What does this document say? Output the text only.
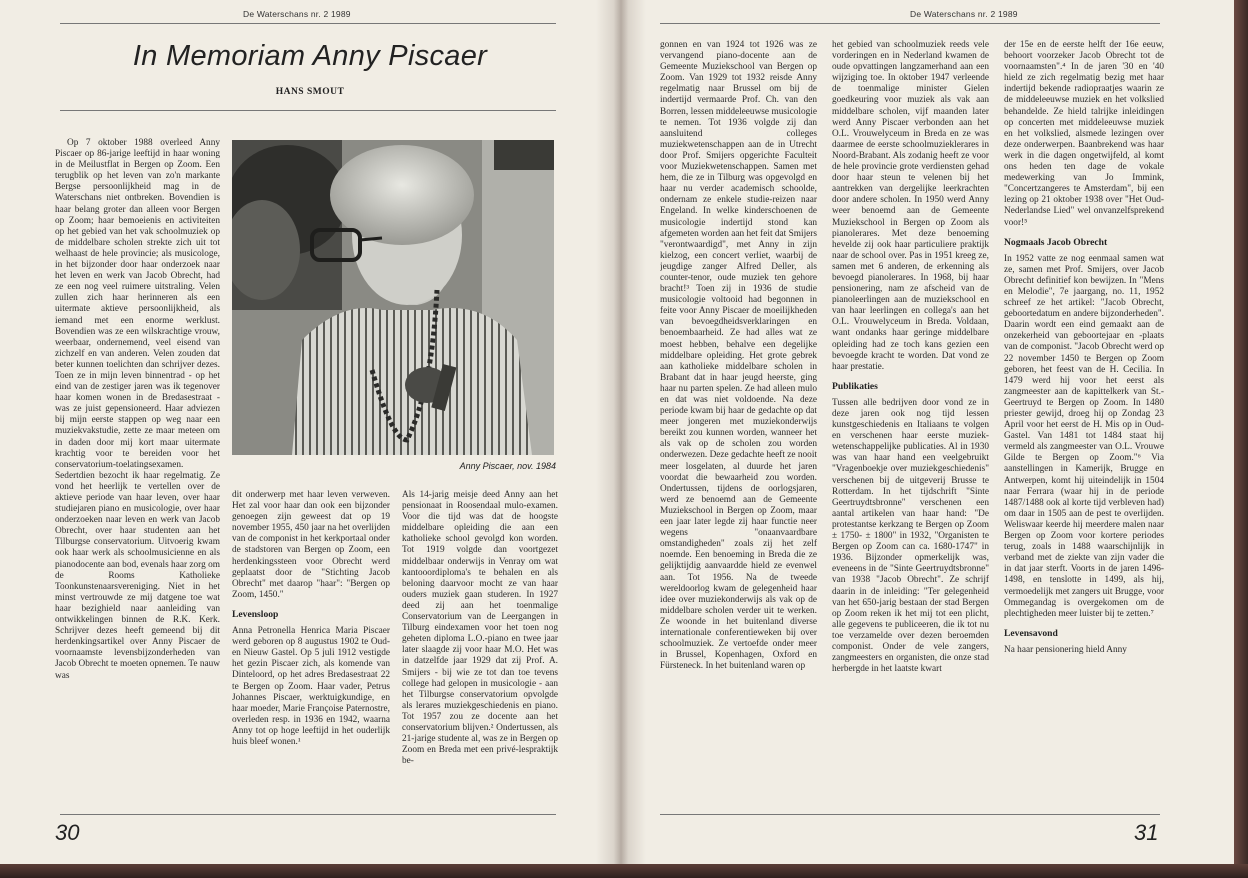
De Waterschans nr. 2 1989
In Memoriam Anny Piscaer
HANS SMOUT

Op 7 oktober 1988 overleed Anny Piscaer op 86-jarige leeftijd in haar woning in de Meilustflat in Bergen op Zoom. Een terugblik op het leven van zo'n markante Bergse persoonlijkheid mag in de Waterschans niet ontbreken. Bovendien is haar belang groter dan alleen voor Bergen op Zoom; haar bemoeienis en activiteiten op het gebied van het vak schoolmuziek op de middelbare scholen strekte zich uit tot welhaast de hele provincie; als musicologe, in het bijzonder door haar onderzoek naar het leven en werk van Jacob Obrecht, had ze een nog veel ruimere uitstraling. Velen zullen zich haar herinneren als een uitermate aktieve persoonlijkheid, als iemand met een enorme werklust. Bovendien was ze een wilskrachtige vrouw, weerbaar, ondernemend, veel eisend van zichzelf en van anderen. Velen zouden dat beter kunnen toelichten dan schrijver dezes. Toen ze in mijn leven binnentrad - op het eind van de zestiger jaren was ik tegenover haar komen wonen in de Bredasestraat - was ze juist gepensioneerd. Haar adviezen bij mijn eerste stappen op weg naar een muziekvakstudie, zette ze maar meteen om in daden door mij kort maar uitermate krachtig voor te bereiden voor het conservatorium-toelatingsexamen. Sedertdien bezocht ik haar regelmatig. Ze vond het heerlijk te vertellen over de aktieve periode van haar leven, over haar studiejaren piano en musicologie, over haar onderzoeken naar leven en werk van Jacob Obrecht, over haar studenten aan het Tilburgse conservatorium. Uitvoerig kwam ook haar werk als schoolmusicienne en als pianodocente aan bod, evenals haar zorg om de Rooms Katholieke Toonkunstenaarsvereniging. Niet in het minst vertrouwde ze mij datgene toe wat haar bezighield naar aanleiding van ontwikkelingen binnen de R.K. Kerk. Schrijver dezes heeft gemeend bij dit herdenkingsartikel over Anny Piscaer de voornaamste levensbijzonderheden van Jacob Obrecht te moeten opnemen. Te nauw was

Anny Piscaer, nov. 1984

dit onderwerp met haar leven verweven. Het zal voor haar dan ook een bijzonder genoegen zijn geweest dat op 19 november 1955, 450 jaar na het overlijden van de componist in het kerkportaal onder de stadstoren van Bergen op Zoom, een herdenkingssteen voor Obrecht werd geplaatst door de "Stichting Jacob Obrecht" met daarop "haar": "Bergen op Zoom, 1450."

Levensloop

Anna Petronella Henrica Maria Piscaer werd geboren op 8 augustus 1902 te Oud- en Nieuw Gastel. Op 5 juli 1912 vestigde het gezin Piscaer zich, als komende van Dinteloord, op het adres Bredasestraat 22 te Bergen op Zoom. Haar vader, Petrus Johannes Piscaer, werktuigkundige, en haar moeder, Marie Françoise Paternostre, overleden resp. in 1936 en 1942, waarna Anny tot op hoge leeftijd in het ouderlijk huis bleef wonen.¹

Als 14-jarig meisje deed Anny aan het pensionaat in Roosendaal mulo-examen. Voor die tijd was dat de hoogste middelbare opleiding die aan een katholieke school gevolgd kon worden. Tot 1919 volgde dan voortgezet middelbaar onderwijs in Venray om wat kantooordiploma's te behalen en als beloning daarvoor mocht ze van haar ouders muziek gaan studeren. In 1927 deed zij aan het toenmalige Conservatorium van de Leergangen in Tilburg eindexamen voor het toen nog geheten diploma L.O.-piano en twee jaar later slaagde zij voor haar M.O. Het was in datzelfde jaar 1929 dat zij Prof. A. Smijers - bij wie ze tot dan toe tevens college had gelopen in musicologie - aan het Tilburgse conservatorium opvolgde als lerares muziekgeschiedenis en piano. Tot 1957 zou ze docente aan het conservatorium blijven.² Ondertussen, als 21-jarige studente al, was ze in Bergen op Zoom en Breda met een privé-lespraktijk be-

30
De Waterschans nr. 2 1989

gonnen en van 1924 tot 1926 was ze vervangend piano-docente aan de Gemeente Muziekschool van Bergen op Zoom. Van 1929 tot 1932 reisde Anny regelmatig naar Brussel om bij de indertijd vermaarde Prof. Ch. van den Borren, lessen middeleeuwse musicologie te nemen. Tot 1936 volgde zij dan aansluitend colleges muziekwetenschappen aan de in Utrecht door Prof. Smijers opgerichte Faculteit voor Muziekwetenschappen. Samen met hem, die ze in Tilburg was opgevolgd en haar nu verder academisch schoolde, ondernam ze enkele studie-reizen naar Engeland. In welke kinderschoenen de musicologie indertijd stond kan afgemeten worden aan het feit dat Smijers "verontwaardigd", met Anny in zijn kielzog, een concert verliet, waarbij de jeugdige zanger Alfred Deller, als counter-tenor, oude muziek ten gehore bracht!³ Toen zij in 1936 de studie musicologie voltooid had begonnen in feite voor Anny Piscaer de moeilijkheden van bevoegdheidsverklaringen en benoembaarheid. Ze had alles wat ze moest hebben, behalve een degelijke middelbare opleiding. Het grote gebrek aan katholieke middelbare scholen in Brabant dat in haar jeugd heerste, ging haar nu parten spelen. Ze had alleen mulo en dat was niet voldoende. Na deze periode kwam bij haar de gedachte op dat meer jongeren met muziekonderwijs bereikt zou kunnen worden, wanneer het als vak op de scholen zou worden onderwezen. Deze gedachte heeft ze nooit meer losgelaten, al duurde het jaren voordat die bewaarheid zou worden. Ondertussen, tijdens de oorlogsjaren, werd ze benoemd aan de Gemeente Muziekschool in Bergen op Zoom, maar een jaar later legde zij haar functie neer wegens "onaanvaardbare omstandigheden" zoals zij het zelf noemde. Een benoeming in Breda die ze gelijktijdig aanvaardde hield ze evenwel aan. Tot 1956. Na de tweede wereldoorlog kwam de gelegenheid haar idee over muziekonderwijs als vak op de middelbare scholen verder uit te werken. Ze woonde in het buitenland diverse internationale conferentieweken bij over schoolmuziek. Ze vertoefde onder meer in Brussel, Kopenhagen, Oxford en Fürsteneck. In het buitenland waren op

het gebied van schoolmuziek reeds vele vorderingen en in Nederland kwamen de oude opvattingen langzamerhand aan een wijziging toe. In oktober 1947 verleende de toenmalige minister Gielen goedkeuring voor muziek als vak aan middelbare scholen, vijf maanden later werd Anny Piscaer verbonden aan het O.L. Vrouwelyceum in Breda en ze was daarmee de eerste schoolmuzieklerares in Noord-Brabant. Als zodanig heeft ze voor de hele provincie grote verdiensten gehad door haar steun te velenen bij het aantrekken van dergelijke leerkrachten door andere scholen. In 1950 werd Anny weer benoemd aan de Gemeente Muziekschool in Bergen op Zoom als pianolerares. Met deze benoeming hevelde zij ook haar particuliere praktijk naar de school over. Pas in 1951 kreeg ze, samen met 6 anderen, de erkenning als bevoegd pianolerares. In 1968, bij haar pensionering, nam ze afscheid van de pianoleerlingen aan de muziekschool en van haar leerlingen en collega's aan het O.L. Vrouwelyceum in Breda. Voldaan, want ondanks haar geringe middelbare opleiding had ze toch kans gezien een bevoegde kracht te worden. Dat vond ze haar prestatie.

Publikaties

Tussen alle bedrijven door vond ze in deze jaren ook nog tijd lessen kunstgeschiedenis en Italiaans te volgen en verschenen haar eerste muziek-wetenschappelijke publicaties. Al in 1930 was van haar hand een veelgebruikt "Vragenboekje over muziekgeschiedenis" verschenen bij de uitgeverij Brusse te Rotterdam. In het tijdschrift "Sinte Geertruydtsbronne" verschenen een aantal artikelen van haar hand: "De protestantse kerkzang te Bergen op Zoom ± 1750- ± 1800" in 1932, "Organisten te Bergen op Zoom can ca. 1680-1747" in 1936. Bijzonder opmerkelijk was, eveneens in de "Sinte Geertruydtsbronne" van 1938 "Jacob Obrecht". Ze schrijf daarin in de inleiding: "Ter gelegenheid van het 650-jarig bestaan der stad Bergen op Zoom reken ik het mij tot een plicht, alle gegevens te publiceeren, die ik tot nu toe verzamelde over dezen beroemden componist. Onder de vele zangers, zangmeesters en organisten, die onze stad herbergde in het laatste kwart

der 15e en de eerste helft der 16e eeuw, behoort voorzeker Jacob Obrecht tot de voornaamsten".⁴ In de jaren '30 en '40 hield ze zich regelmatig bezig met haar indertijd bekende radiopraatjes waarin ze de middeleeuwse muziek en het volkslied behandelde. Ze hield talrijke inleidingen op concerten met middeleeuwse muziek en het volkslied, alsmede lezingen over deze onderwerpen. Baanbrekend was haar werk in die dagen ongetwijfeld, al komt ons heden ten dage de vokale medewerking van Jo Immink, "Concertzangeres te Amsterdam", bij een lezing op 21 oktober 1938 over "Het Oud-Nederlandse Lied" wel onvanzelfsprekend voor!⁵

Nogmaals Jacob Obrecht

In 1952 vatte ze nog eenmaal samen wat ze, samen met Prof. Smijers, over Jacob Obrecht definitief kon bewijzen. In "Mens en Melodie", 7e jaargang, no. 11, 1952 schreef ze het artikel: "Jacob Obrecht, geboortedatum en andere bijzonderheden". Daarin wordt een eind gemaakt aan de onzekerheid van geboortejaar en -plaats van de componist. "Jacob Obrecht werd op 22 november 1450 te Bergen op Zoom geboren, het feest van de H. Cecilia. In 1479 werd hij voor het eerst als zangmeester aan de kapittelkerk van St.-Geertruyd te Bergen op Zoom. In 1480 priester gewijd, droeg hij op Zondag 23 April voor het eerst de H. Mis op in Oud-Gastel. Van 1481 tot 1484 staat hij vermeld als zangmeester van O.L. Vrouwe Gilde te Bergen op Zoom."⁶ Via aanstellingen in Kamerijk, Brugge en Antwerpen, komt hij uiteindelijk in 1504 naar Ferrara (waar hij in de periode 1487/1488 ook al korte tijd verbleven had) om daar in 1505 aan de pest te overlijden. Weliswaar keerde hij meerdere malen naar Bergen op Zoom voor kortere periodes terug, zoals in 1488 waarschijnlijk in verband met de ziekte van zijn vader die in dat jaar sterft. Voorts in de jaren 1496-1498, en tenslotte in 1499, als hij, vermoedelijk met zangers uit Brugge, voor Ommegandag is overgekomen om de plechtigheden meer luister bij te zetten.⁷

Levensavond

Na haar pensionering hield Anny

31
